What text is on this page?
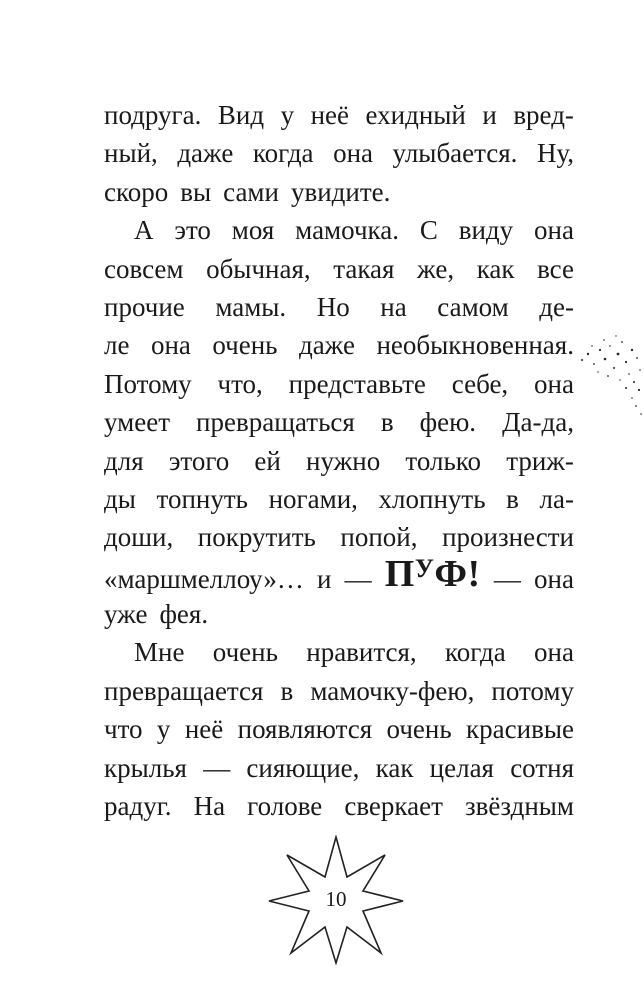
подруга. Вид у неё ехидный и вред-
ный, даже когда она улыбается. Ну,
скоро вы сами увидите.
А это моя мамочка. С виду она
совсем обычная, такая же, как все
прочие мамы. Но на самом де-
ле она очень даже необыкновенная.
Потому что, представьте себе, она
умеет превращаться в фею. Да-да,
для этого ей нужно только триж-
ды топнуть ногами, хлопнуть в ла-
доши, покрутить попой, произнести
«маршмеллоу»… и — $П^УФ$! — она
уже фея.
Мне очень нравится, когда она
превращается в мамочку-фею, потому
что у неё появляются очень красивые
крылья — сияющие, как целая сотня
радуг. На голове сверкает звёздным
10
